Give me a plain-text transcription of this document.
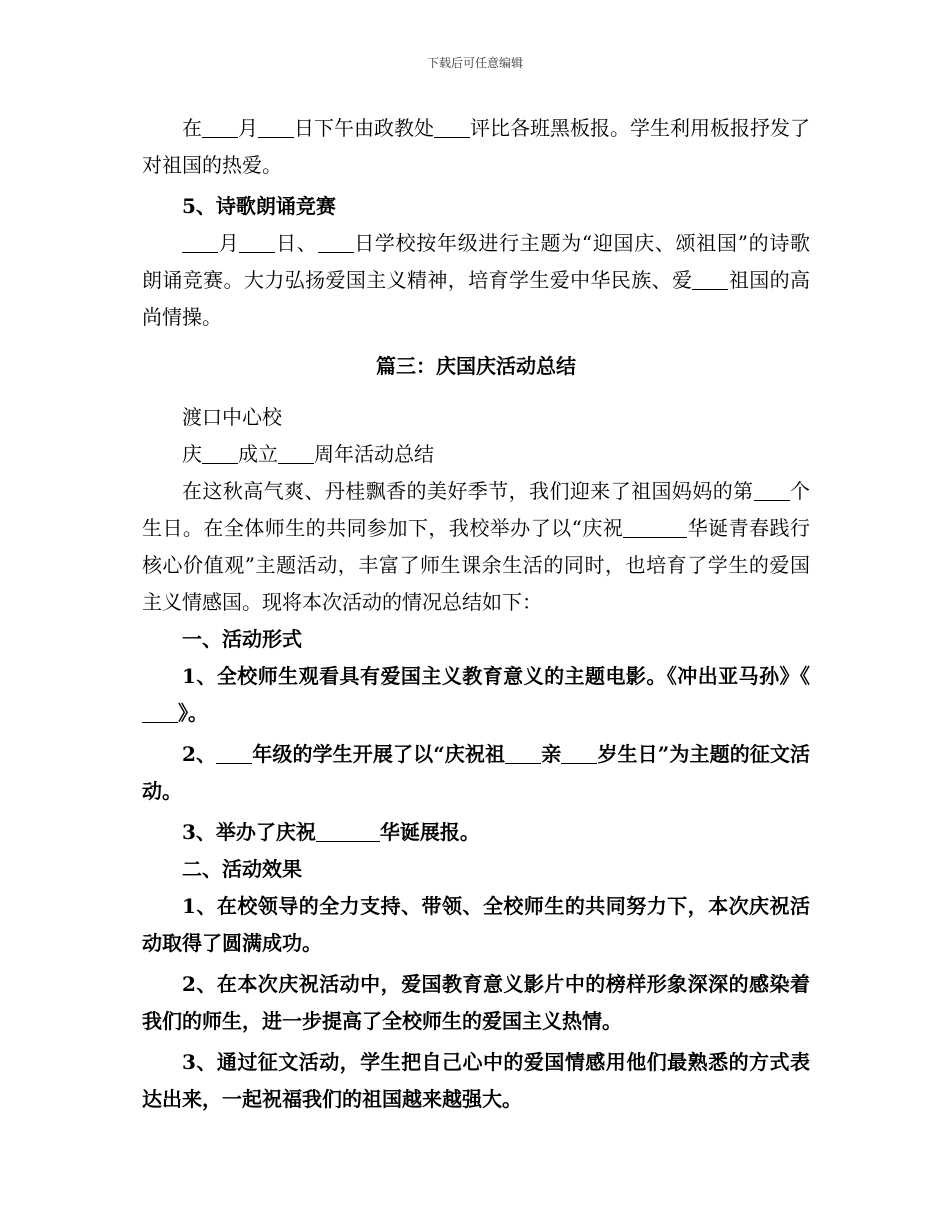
下载后可任意编辑

在 月 日下午由政教处 评比各班黑板报。学生利用板报抒发了对祖国的热爱。

5、诗歌朗诵竞赛

月 日、 日学校按年级进行主题为“迎国庆、颂祖国”的诗歌朗诵竞赛。大力弘扬爱国主义精神，培育学生爱中华民族、爱 祖国的高尚情操。

篇三：庆国庆活动总结

渡口中心校

庆 成立 周年活动总结

在这秋高气爽、丹桂飘香的美好季节，我们迎来了祖国妈妈的第 个生日。在全体师生的共同参加下，我校举办了以“庆祝	华诞青春践行核心价值观”主题活动，丰富了师生课余生活的同时，也培育了学生的爱国主义情感国。现将本次活动的情况总结如下：

一、活动形式

1、全校师生观看具有爱国主义教育意义的主题电影。《冲出亚马孙》《》。

2、 年级的学生开展了以“庆祝祖 亲 岁生日”为主题的征文活动。

3、举办了庆祝	华诞展报。

二、活动效果

1、在校领导的全力支持、带领、全校师生的共同努力下，本次庆祝活动取得了圆满成功。

2、在本次庆祝活动中，爱国教育意义影片中的榜样形象深深的感染着我们的师生，进一步提高了全校师生的爱国主义热情。

3、通过征文活动，学生把自己心中的爱国情感用他们最熟悉的方式表达出来，一起祝福我们的祖国越来越强大。
